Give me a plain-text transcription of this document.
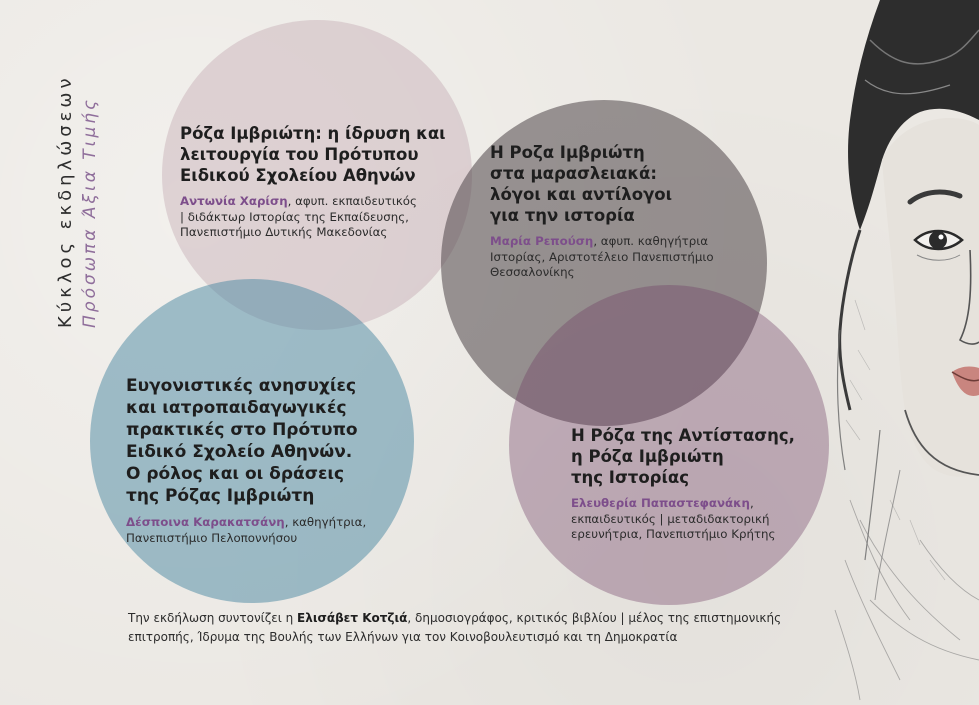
Κύκλος εκδηλώσεων Πρόσωπα Άξια Τιμής	Ρόζα Ιμβριώτη: η ίδρυση και
λειτουργία του Πρότυπου
Ειδικού Σχολείου Αθηνών

Αντωνία Χαρίση, αφυπ. εκπαιδευτικός
| διδάκτωρ Ιστορίας της Εκπαίδευσης,
Πανεπιστήμιο Δυτικής Μακεδονίας

Η Ροζα Ιμβριώτη
στα μαρασλειακά:
λόγοι και αντίλογοι
για την ιστορία

Μαρία Ρεπούση, αφυπ. καθηγήτρια
Ιστορίας, Αριστοτέλειο Πανεπιστήμιο
Θεσσαλονίκης

Ευγονιστικές ανησυχίες
και ιατροπαιδαγωγικές
πρακτικές στο Πρότυπο
Ειδικό Σχολείο Αθηνών.
Ο ρόλος και οι δράσεις
της Ρόζας Ιμβριώτη

Δέσποινα Καρακατσάνη, καθηγήτρια,
Πανεπιστήμιο Πελοποννήσου

Η Ρόζα της Αντίστασης,
η Ρόζα Ιμβριώτη
της Ιστορίας

Ελευθερία Παπαστεφανάκη,
εκπαιδευτικός | μεταδιδακτορική
ερευνήτρια, Πανεπιστήμιο Κρήτης

Την εκδήλωση συντονίζει η Ελισάβετ Κοτζιά, δημοσιογράφος, κριτικός βιβλίου | μέλος της επιστημονικής
επιτροπής, Ίδρυμα της Βουλής των Ελλήνων για τον Κοινοβουλευτισμό και τη Δημοκρατία
